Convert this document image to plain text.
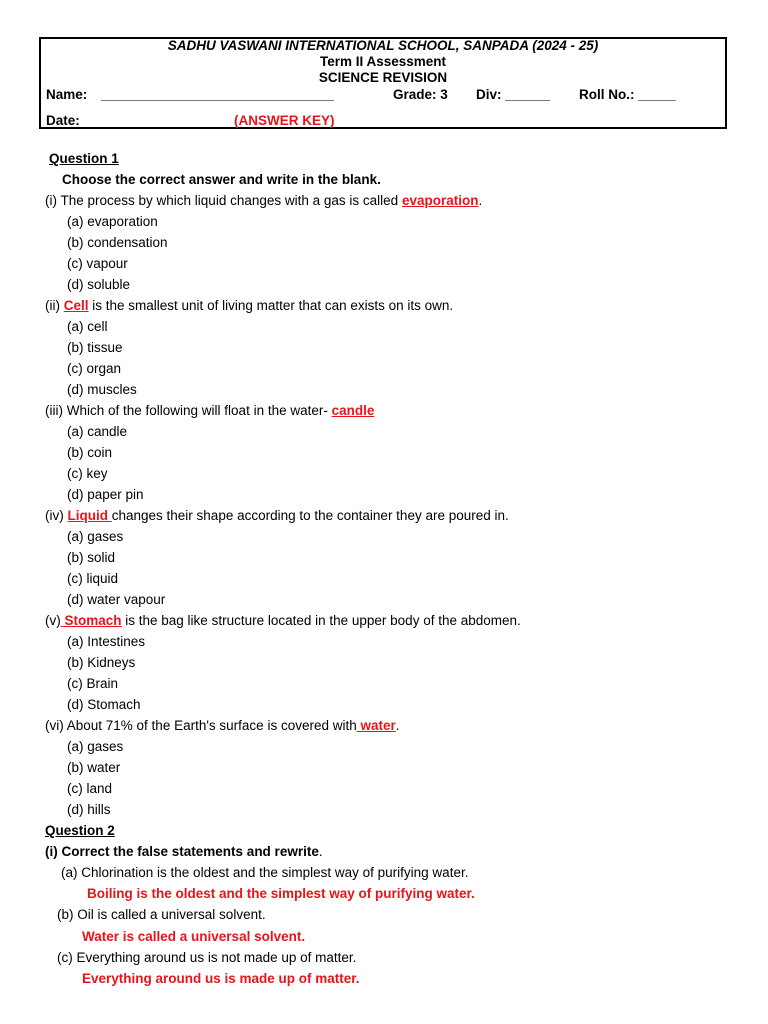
SADHU VASWANI INTERNATIONAL SCHOOL, SANPADA (2024 - 25)
Term II Assessment
SCIENCE REVISION
Name: _______________________________	Grade: 3 Div: ______ Roll No.: _____
Date:	(ANSWER KEY)
Question 1
Choose the correct answer and write in the blank.
(i) The process by which liquid changes with a gas is called evaporation.
(a) evaporation
(b) condensation
(c) vapour
(d) soluble
(ii) Cell is the smallest unit of living matter that can exists on its own.
(a) cell
(b) tissue
(c) organ
(d) muscles
(iii) Which of the following will float in the water- candle
(a) candle
(b) coin
(c) key
(d) paper pin
(iv) Liquid changes their shape according to the container they are poured in.
(a) gases
(b) solid
(c) liquid
(d) water vapour
(v) Stomach is the bag like structure located in the upper body of the abdomen.
(a) Intestines
(b) Kidneys
(c) Brain
(d) Stomach
(vi) About 71% of the Earth's surface is covered with water.
(a) gases
(b) water
(c) land
(d) hills
Question 2
(i) Correct the false statements and rewrite.
(a) Chlorination is the oldest and the simplest way of purifying water.
Boiling is the oldest and the simplest way of purifying water.
(b) Oil is called a universal solvent.
Water is called a universal solvent.
(c) Everything around us is not made up of matter.
Everything around us is made up of matter.
